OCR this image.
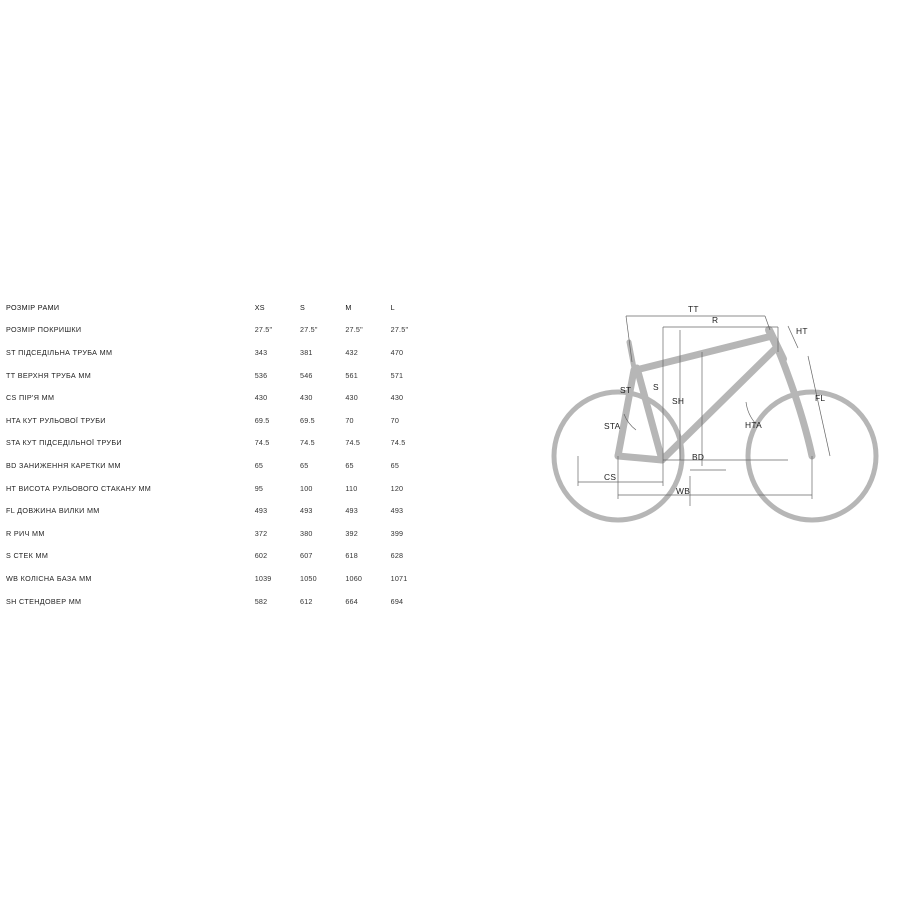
РОЗМІР РАМИ	XS	S	M	L
РОЗМІР ПОКРИШКИ	27.5"	27.5"	27.5"	27.5"
ST ПІДСЕДІЛЬНА ТРУБА ММ	343	381	432	470
TT ВЕРХНЯ ТРУБА ММ	536	546	561	571
CS ПІР'Я ММ	430	430	430	430
HTA КУТ РУЛЬОВОЇ ТРУБИ	69.5	69.5	70	70
STA КУТ ПІДСЕДІЛЬНОЇ ТРУБИ	74.5	74.5	74.5	74.5
BD ЗАНИЖЕННЯ КАРЕТКИ ММ	65	65	65	65
HT ВИСОТА РУЛЬОВОГО СТАКАНУ ММ	95	100	110	120
FL ДОВЖИНА ВИЛКИ ММ	493	493	493	493
R РИЧ ММ	372	380	392	399
S СТЕК ММ	602	607	618	628
WB КОЛІСНА БАЗА ММ	1039	1050	1060	1071
SH СТЕНДОВЕР ММ	582	612	664	694
TT
R
HT
ST	S
SH	FL
STA	HTA
CS
BD
WB
